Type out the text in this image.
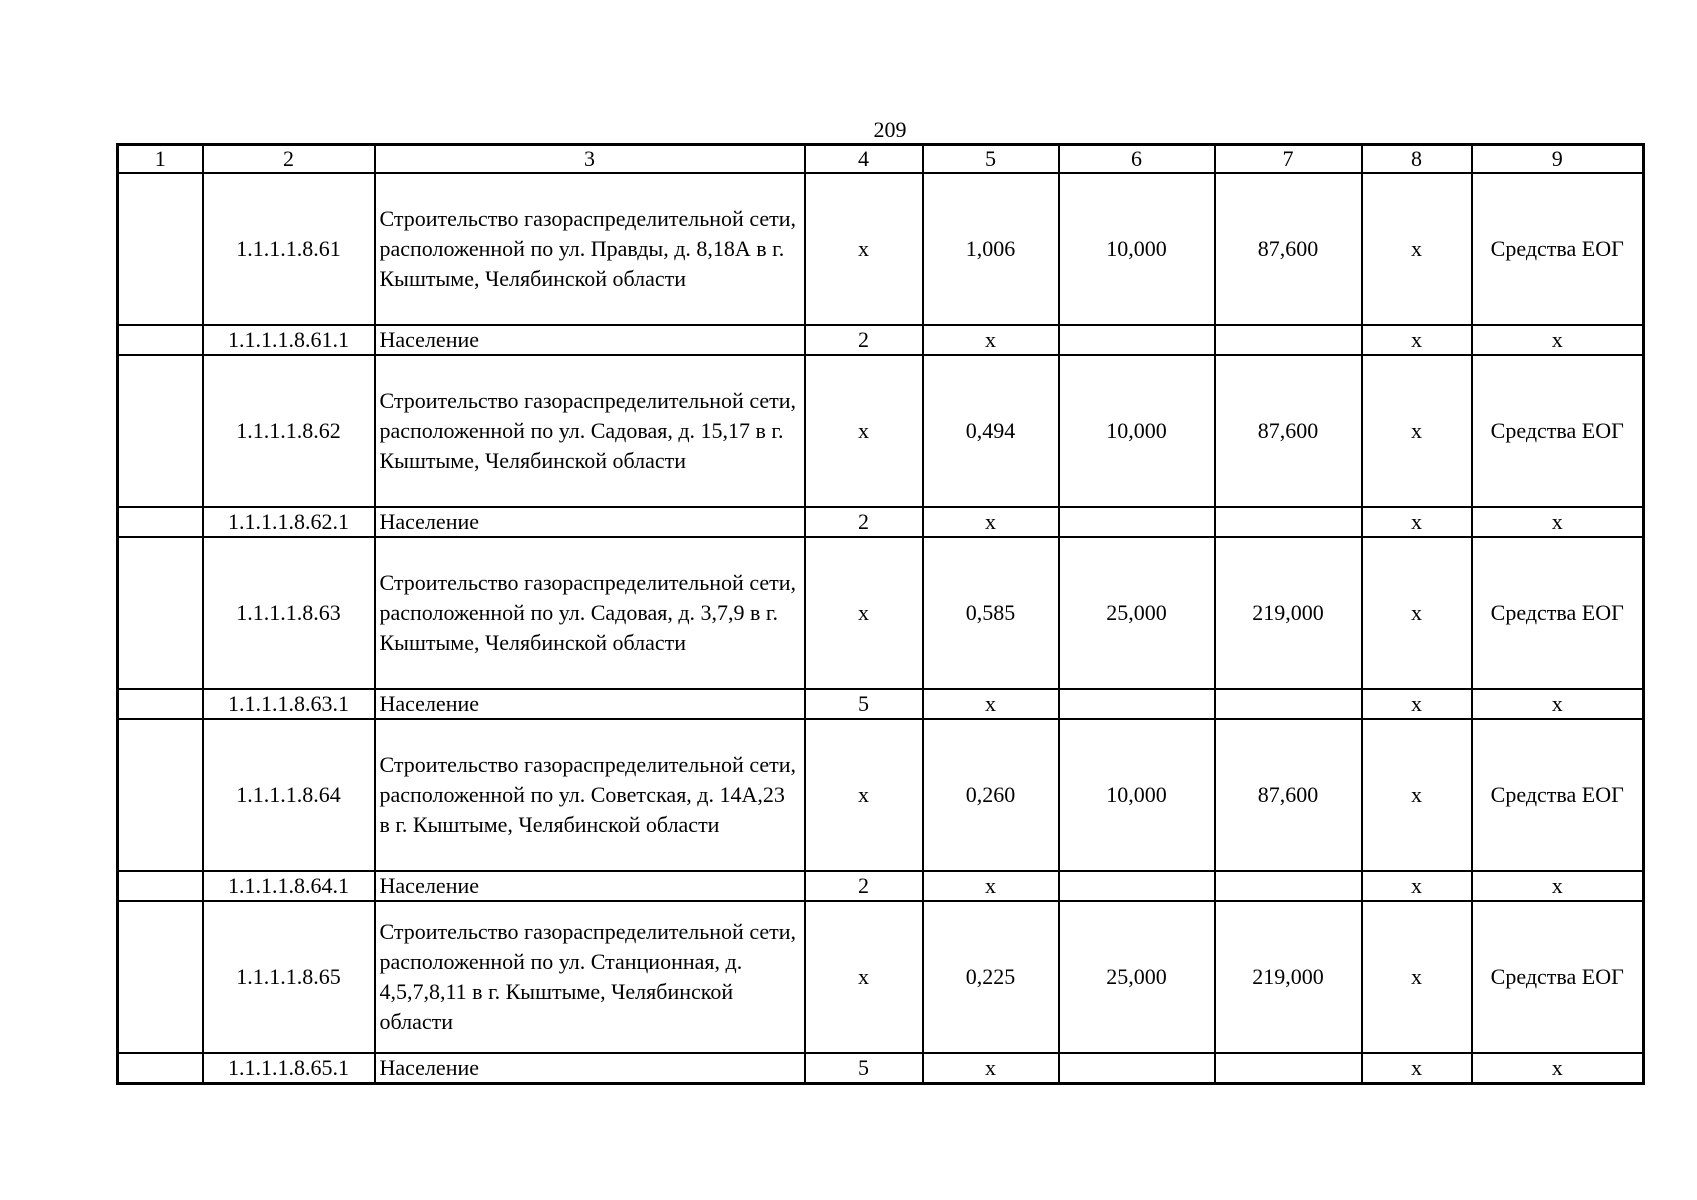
209
1	2	3	4	5	6	7	8	9
	1.1.1.1.8.61	Строительство газораспределительной сети, расположенной по ул. Правды, д. 8,18А в г. Кыштыме, Челябинской области	х	1,006	10,000	87,600	х	Средства ЕОГ
	1.1.1.1.8.61.1	Население	2	х			х	х
	1.1.1.1.8.62	Строительство газораспределительной сети, расположенной по ул. Садовая, д. 15,17 в г. Кыштыме, Челябинской области	х	0,494	10,000	87,600	х	Средства ЕОГ
	1.1.1.1.8.62.1	Население	2	х			х	х
	1.1.1.1.8.63	Строительство газораспределительной сети, расположенной по ул. Садовая, д. 3,7,9 в г. Кыштыме, Челябинской области	х	0,585	25,000	219,000	х	Средства ЕОГ
	1.1.1.1.8.63.1	Население	5	х			х	х
	1.1.1.1.8.64	Строительство газораспределительной сети, расположенной по ул. Советская, д. 14А,23 в г. Кыштыме, Челябинской области	х	0,260	10,000	87,600	х	Средства ЕОГ
	1.1.1.1.8.64.1	Население	2	х			х	х
	1.1.1.1.8.65	Строительство газораспределительной сети, расположенной по ул. Станционная, д. 4,5,7,8,11 в г. Кыштыме, Челябинской области	х	0,225	25,000	219,000	х	Средства ЕОГ
	1.1.1.1.8.65.1	Население	5	х			х	х
